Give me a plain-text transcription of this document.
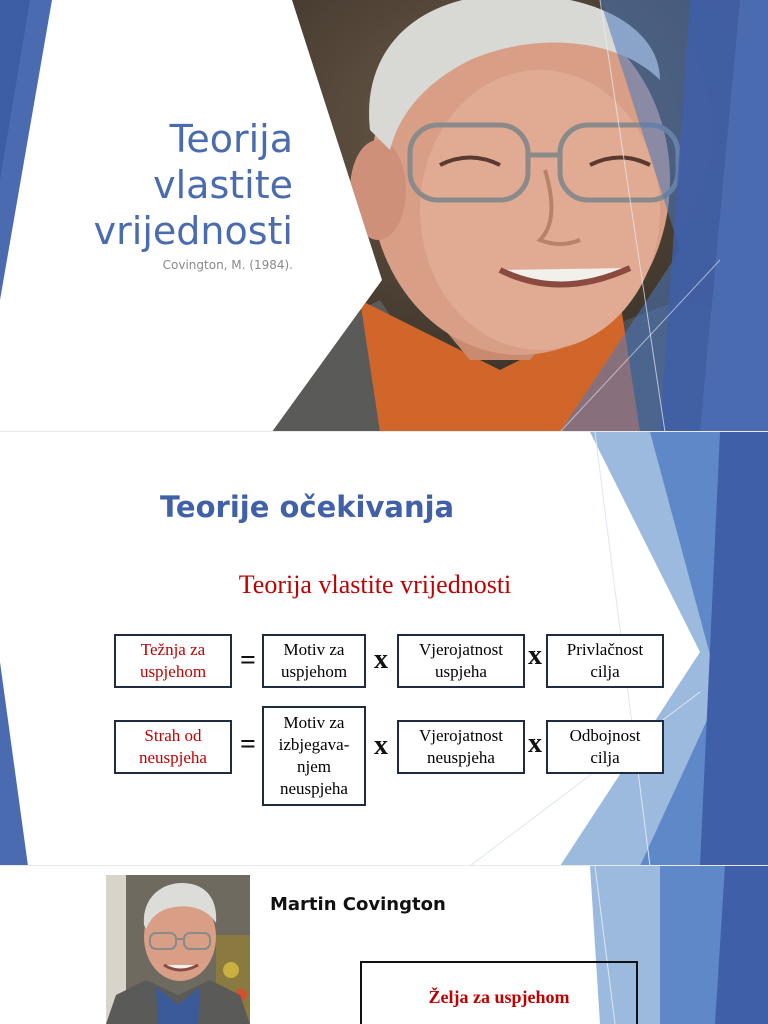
Teorija
vlastite
vrijednosti
Covington, M. (1984).
Teorije očekivanja
Teorija vlastite vrijednosti
Težnja za
uspjehom = Motiv za
uspjehom x Vjerojatnost
uspjeha
x Privlačnost
cilja
Strah od
neuspjeha =
Motiv za
izbjegava-
njem
neuspjeha
x Vjerojatnost
neuspjeha x Odbojnost
cilja
Martin Covington
Želja za uspjehom
